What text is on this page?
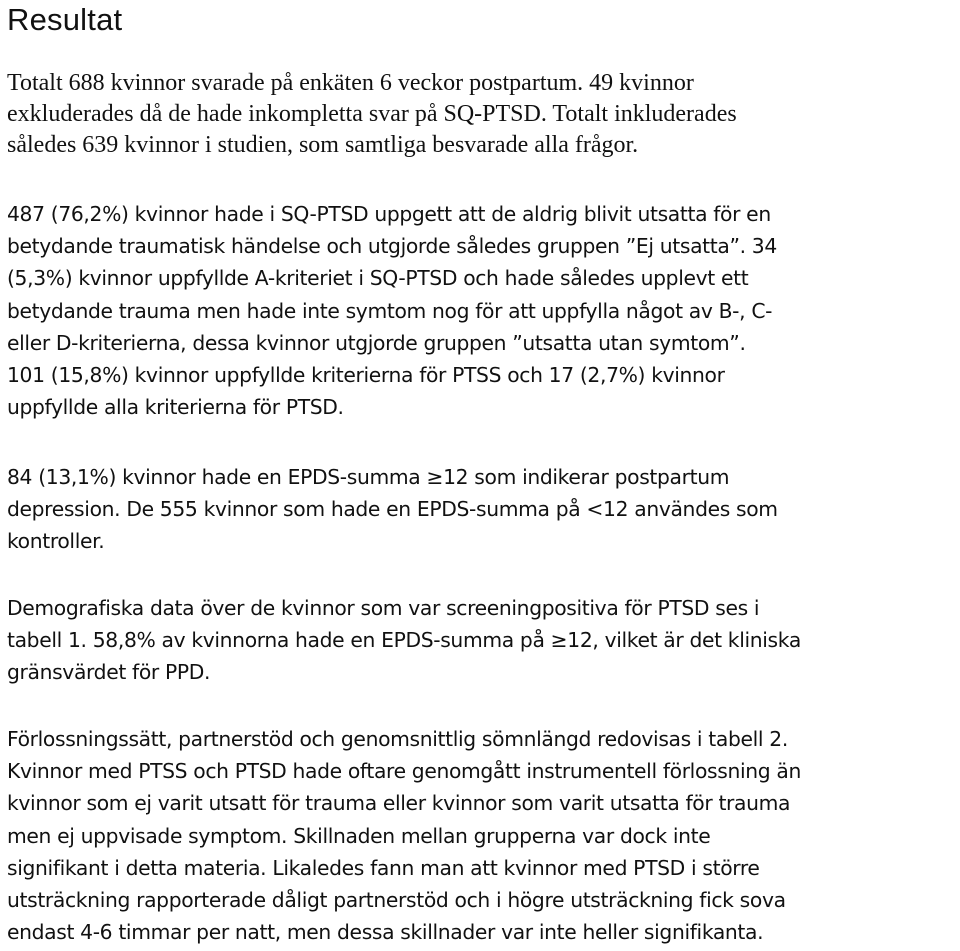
Resultat

Totalt 688 kvinnor svarade på enkäten 6 veckor postpartum. 49 kvinnor
exkluderades då de hade inkompletta svar på SQ-PTSD. Totalt inkluderades
således 639 kvinnor i studien, som samtliga besvarade alla frågor.

487 (76,2%) kvinnor hade i SQ-PTSD uppgett att de aldrig blivit utsatta för en
betydande traumatisk händelse och utgjorde således gruppen ”Ej utsatta”. 34
(5,3%) kvinnor uppfyllde A-kriteriet i SQ-PTSD och hade således upplevt ett
betydande trauma men hade inte symtom nog för att uppfylla något av B-, C-
eller D-kriterierna, dessa kvinnor utgjorde gruppen ”utsatta utan symtom”.
101 (15,8%) kvinnor uppfyllde kriterierna för PTSS och 17 (2,7%) kvinnor
uppfyllde alla kriterierna för PTSD.

84 (13,1%) kvinnor hade en EPDS-summa ≥12 som indikerar postpartum
depression. De 555 kvinnor som hade en EPDS-summa på <12 användes som
kontroller.

Demografiska data över de kvinnor som var screeningpositiva för PTSD ses i
tabell 1. 58,8% av kvinnorna hade en EPDS-summa på ≥12, vilket är det kliniska
gränsvärdet för PPD.

Förlossningssätt, partnerstöd och genomsnittlig sömnlängd redovisas i tabell 2.
Kvinnor med PTSS och PTSD hade oftare genomgått instrumentell förlossning än
kvinnor som ej varit utsatt för trauma eller kvinnor som varit utsatta för trauma
men ej uppvisade symptom. Skillnaden mellan grupperna var dock inte
signifikant i detta materia. Likaledes fann man att kvinnor med PTSD i större
utsträckning rapporterade dåligt partnerstöd och i högre utsträckning fick sova
endast 4-6 timmar per natt, men dessa skillnader var inte heller signifikanta.
